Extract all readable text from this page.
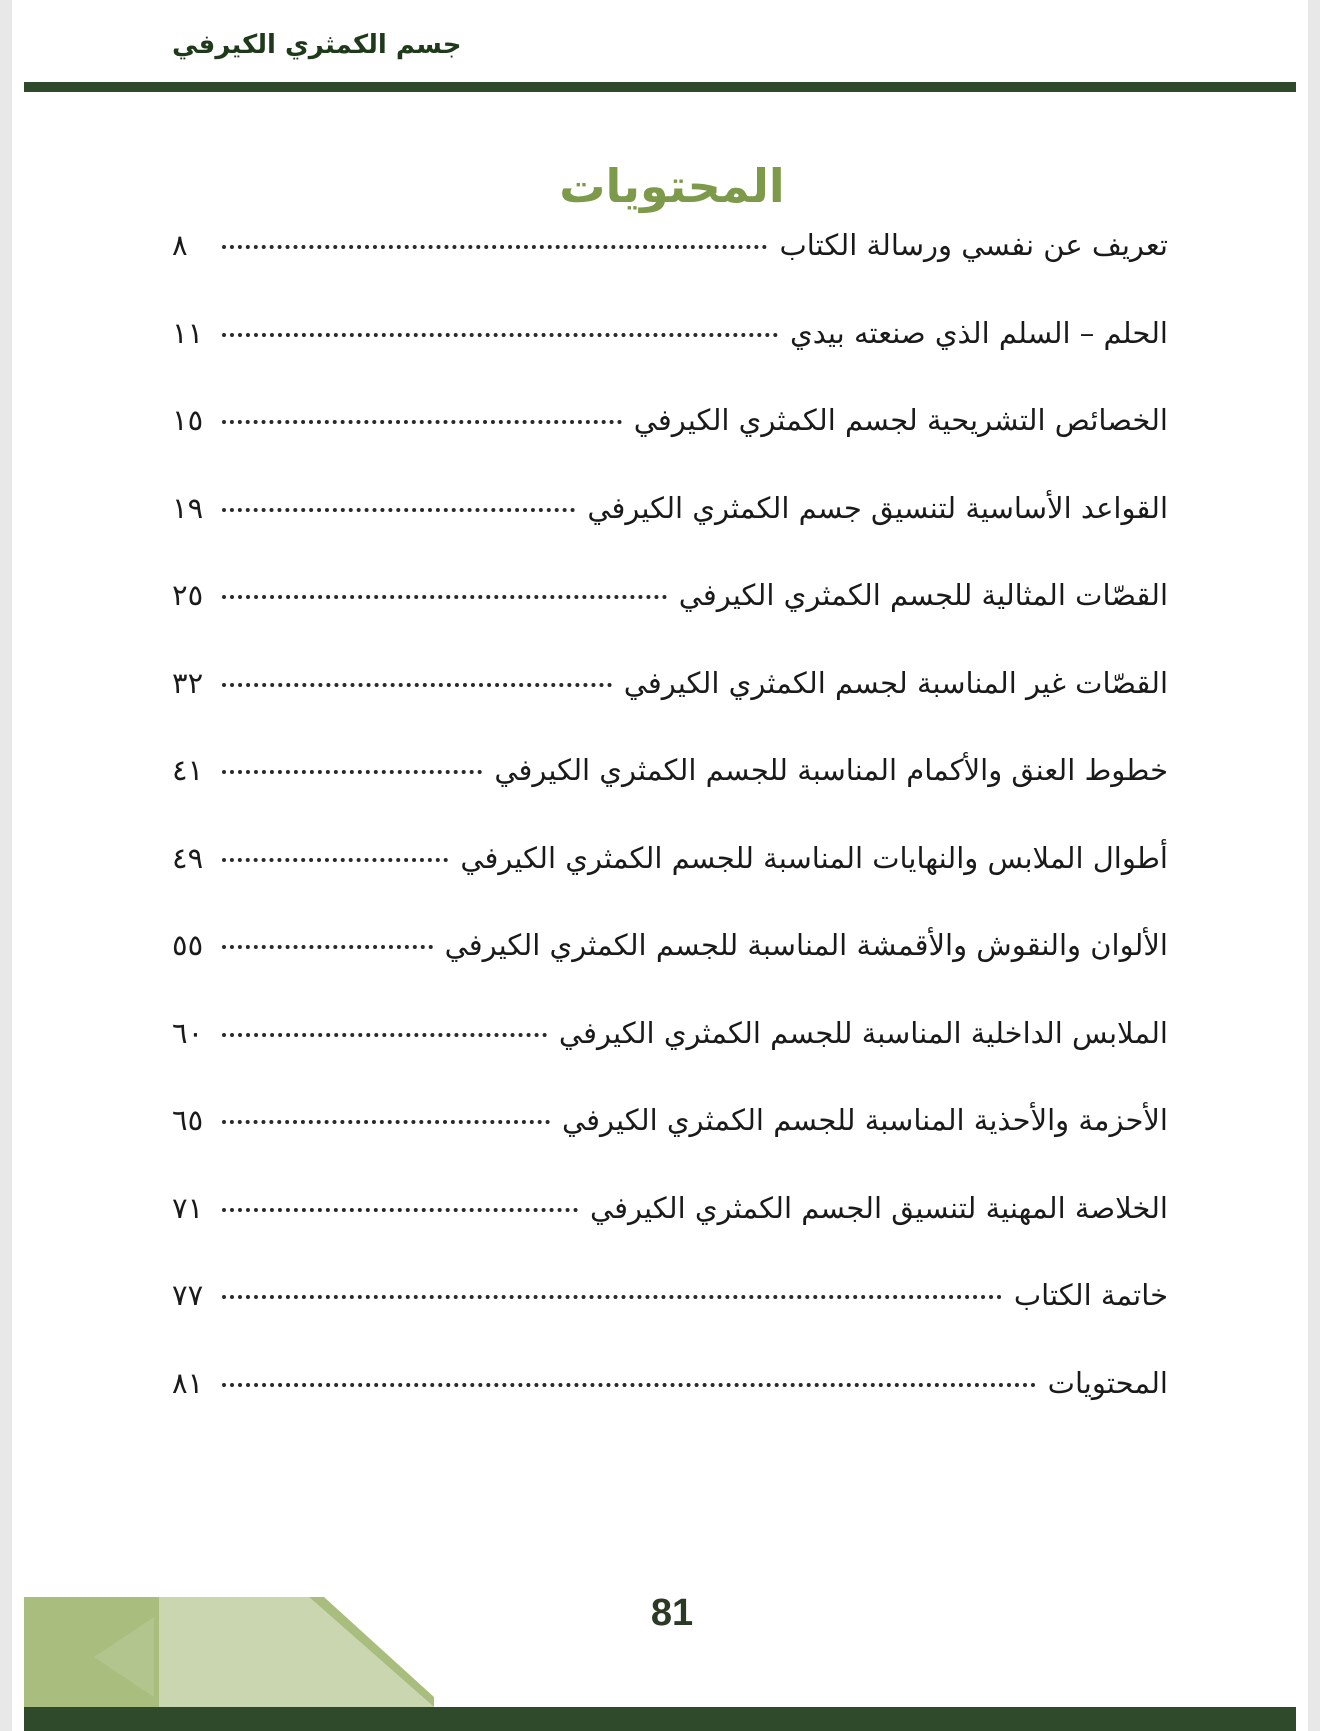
جسم الكمثري الكيرفي
المحتويات
تعريف عن نفسي ورسالة الكتاب
٨
الحلم – السلم الذي صنعته بيدي
١١
الخصائص التشريحية لجسم الكمثري الكيرفي
١٥
القواعد الأساسية لتنسيق جسم الكمثري الكيرفي
١٩
القصّات المثالية للجسم الكمثري الكيرفي
٢٥
القصّات غير المناسبة لجسم الكمثري الكيرفي
٣٢
خطوط العنق والأكمام المناسبة للجسم الكمثري الكيرفي
٤١
أطوال الملابس والنهايات المناسبة للجسم الكمثري الكيرفي
٤٩
الألوان والنقوش والأقمشة المناسبة للجسم الكمثري الكيرفي
٥٥
الملابس الداخلية المناسبة للجسم الكمثري الكيرفي
٦٠
الأحزمة والأحذية المناسبة للجسم الكمثري الكيرفي
٦٥
الخلاصة المهنية لتنسيق الجسم الكمثري الكيرفي
٧١
خاتمة الكتاب
٧٧
المحتويات
٨١
81
